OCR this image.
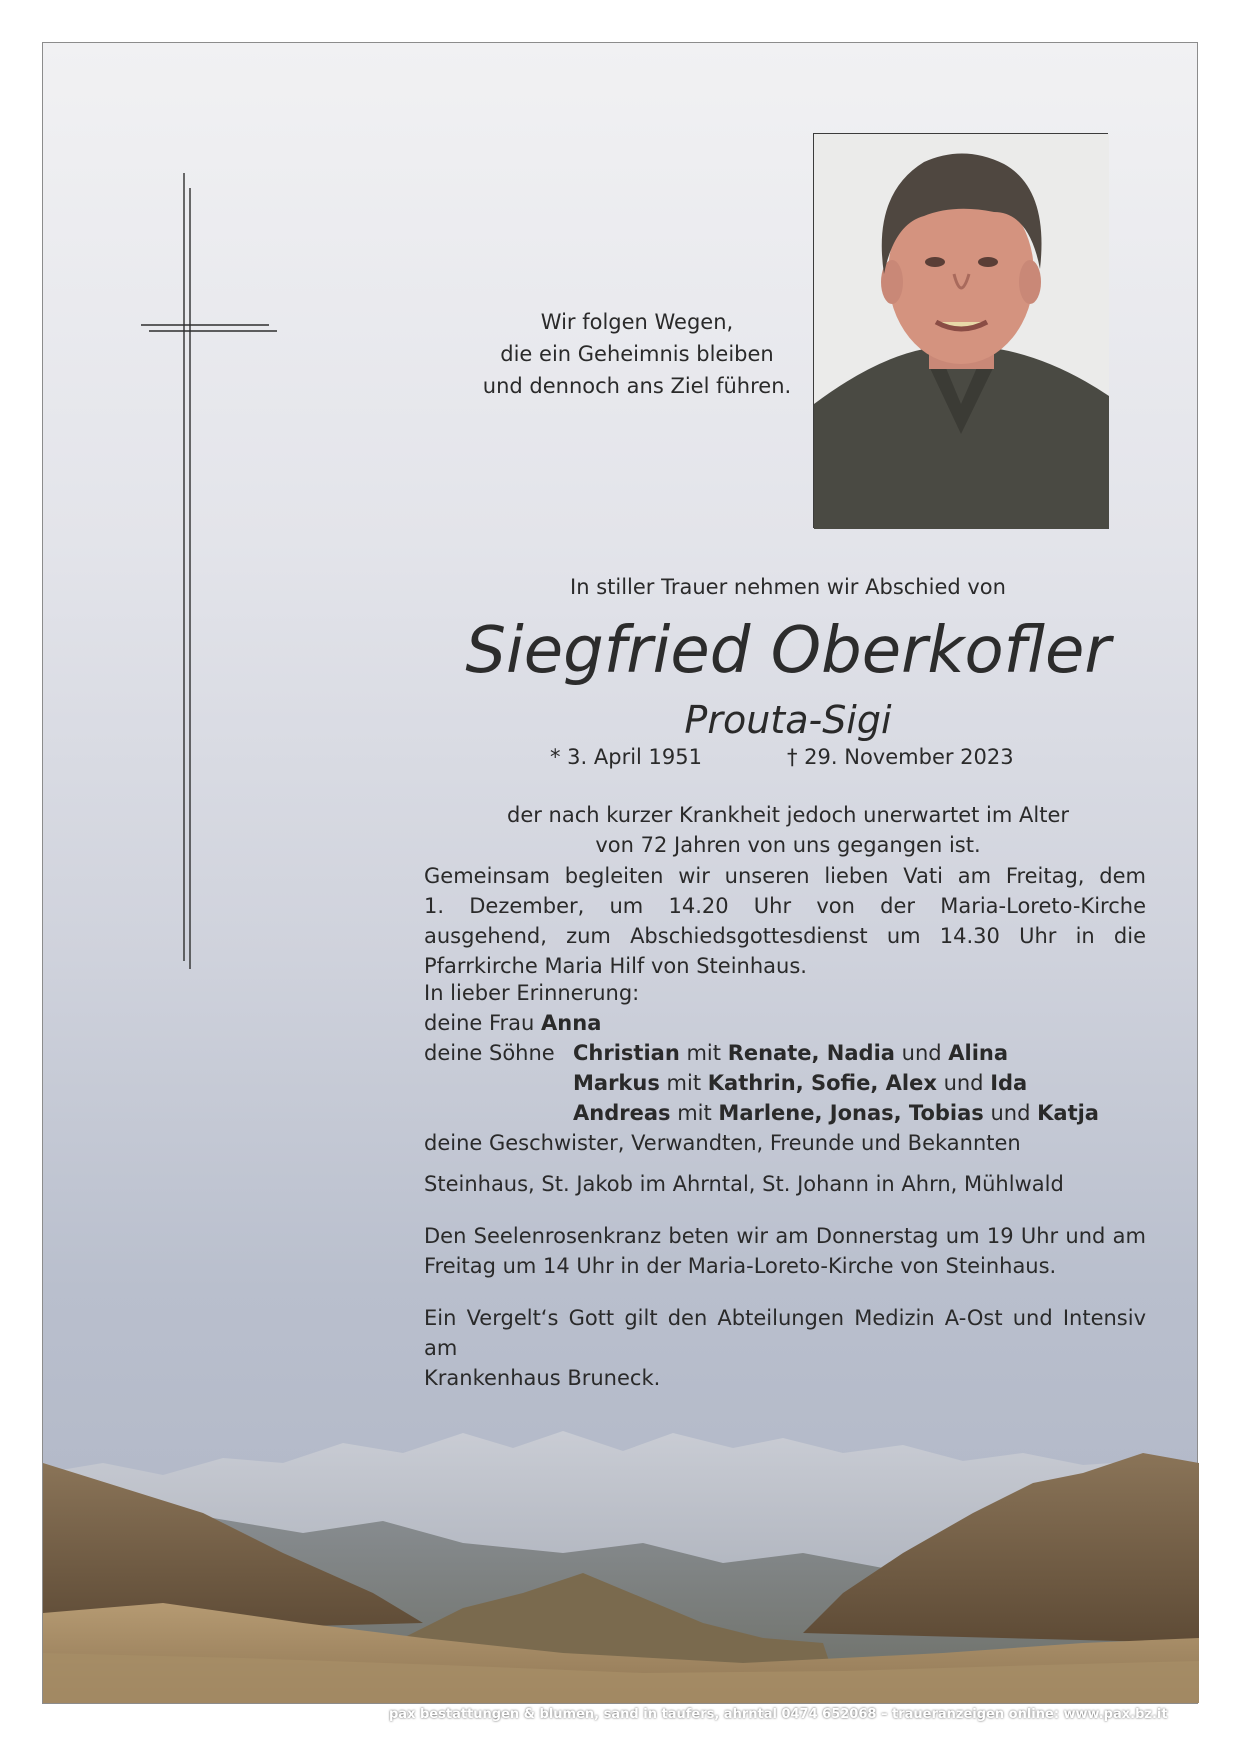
Wir folgen Wegen,
die ein Geheimnis bleiben
und dennoch ans Ziel führen.
In stiller Trauer nehmen wir Abschied von
Siegfried Oberkofler
Prouta-Sigi
* 3. April 1951	† 29. November 2023
der nach kurzer Krankheit jedoch unerwartet im Alter
von 72 Jahren von uns gegangen ist.
Gemeinsam begleiten wir unseren lieben Vati am Freitag, dem
1. Dezember, um 14.20 Uhr von der Maria-Loreto-Kirche
ausgehend, zum Abschiedsgottesdienst um 14.30 Uhr in die
Pfarrkirche Maria Hilf von Steinhaus.
In lieber Erinnerung:
deine Frau Anna
deine Söhne Christian mit Renate, Nadia und Alina
Markus mit Kathrin, Sofie, Alex und Ida
Andreas mit Marlene, Jonas, Tobias und Katja
deine Geschwister, Verwandten, Freunde und Bekannten
Steinhaus, St. Jakob im Ahrntal, St. Johann in Ahrn, Mühlwald
Den Seelenrosenkranz beten wir am Donnerstag um 19 Uhr und am
Freitag um 14 Uhr in der Maria-Loreto-Kirche von Steinhaus.
Ein Vergelt‘s Gott gilt den Abteilungen Medizin A-Ost und Intensiv am
Krankenhaus Bruneck.
pax bestattungen & blumen, sand in taufers, ahrntal 0474 652068 – traueranzeigen online: www.pax.bz.it
